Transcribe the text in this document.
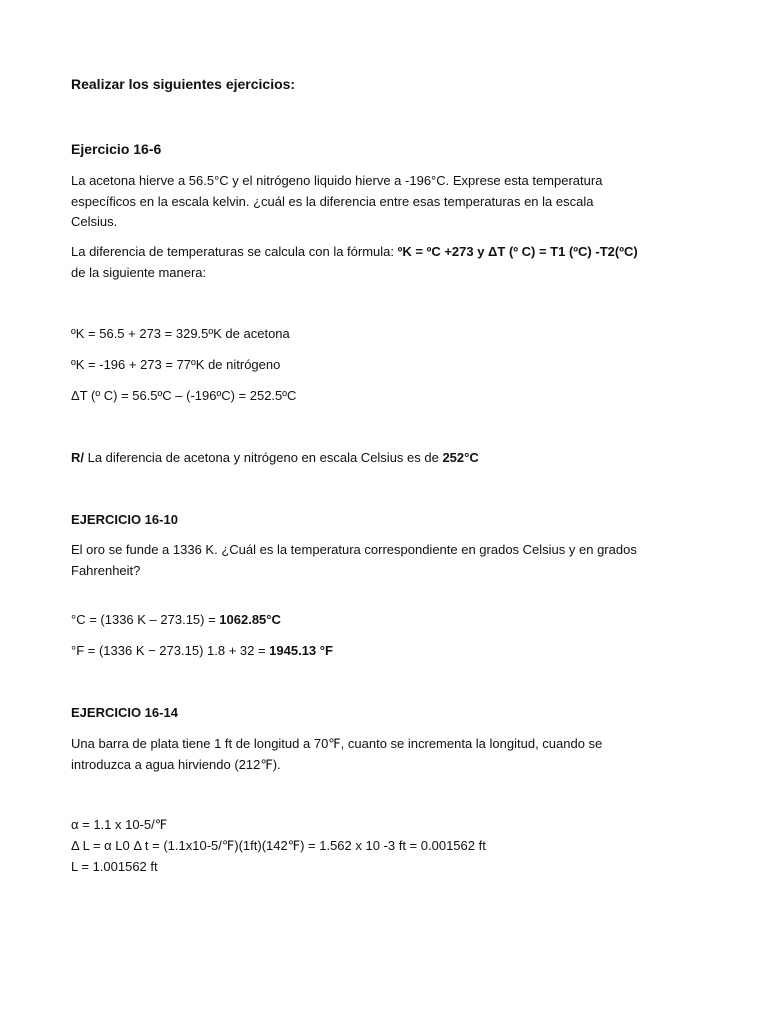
Realizar los siguientes ejercicios:
Ejercicio 16-6
La acetona hierve a 56.5°C y el nitrógeno liquido hierve a -196°C. Exprese esta temperatura
específicos en la escala kelvin. ¿cuál es la diferencia entre esas temperaturas en la escala
Celsius.
La diferencia de temperaturas se calcula con la fórmula: ºK = ºC +273 y ΔT (º C) = T1 (ºC) -T2(ºC)
de la siguiente manera:
ºK = 56.5 + 273 = 329.5ºK de acetona
ºK = -196 + 273 = 77ºK de nitrógeno
ΔT (º C) = 56.5ºC – (-196ºC) = 252.5ºC
R/ La diferencia de acetona y nitrógeno en escala Celsius es de 252°C
EJERCICIO 16-10
El oro se funde a 1336 K. ¿Cuál es la temperatura correspondiente en grados Celsius y en grados
Fahrenheit?
°C = (1336 K – 273.15) = 1062.85°C
°F = (1336 K − 273.15) 1.8 + 32 = 1945.13 °F
EJERCICIO 16-14
Una barra de plata tiene 1 ft de longitud a 70℉, cuanto se incrementa la longitud, cuando se
introduzca a agua hirviendo (212℉).
α = 1.1 x 10-5/℉
Δ L = α L0 Δ t = (1.1x10-5/℉)(1ft)(142℉) = 1.562 x 10 -3 ft = 0.001562 ft
L = 1.001562 ft
